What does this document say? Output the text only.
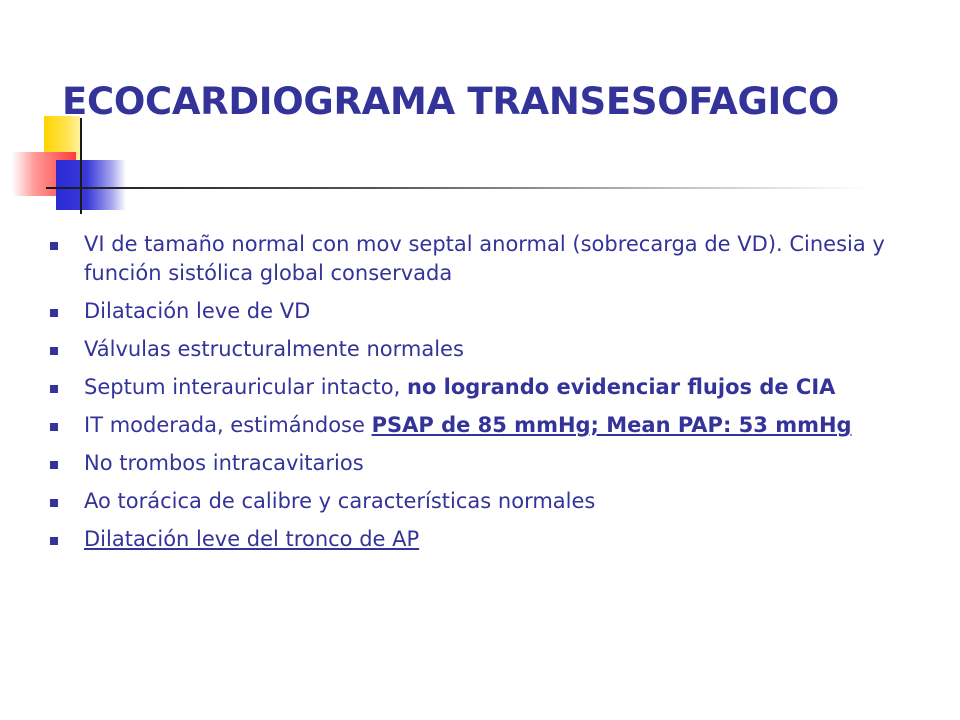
ECOCARDIOGRAMA TRANSESOFAGICO
VI de tamaño normal con mov septal anormal (sobrecarga de VD). Cinesia y función sistólica global conservada
Dilatación leve de VD
Válvulas estructuralmente normales
Septum interauricular intacto, no logrando evidenciar flujos de CIA
IT moderada, estimándose PSAP de 85 mmHg; Mean PAP: 53 mmHg
No trombos intracavitarios
Ao torácica de calibre y características normales
Dilatación leve del tronco de AP
